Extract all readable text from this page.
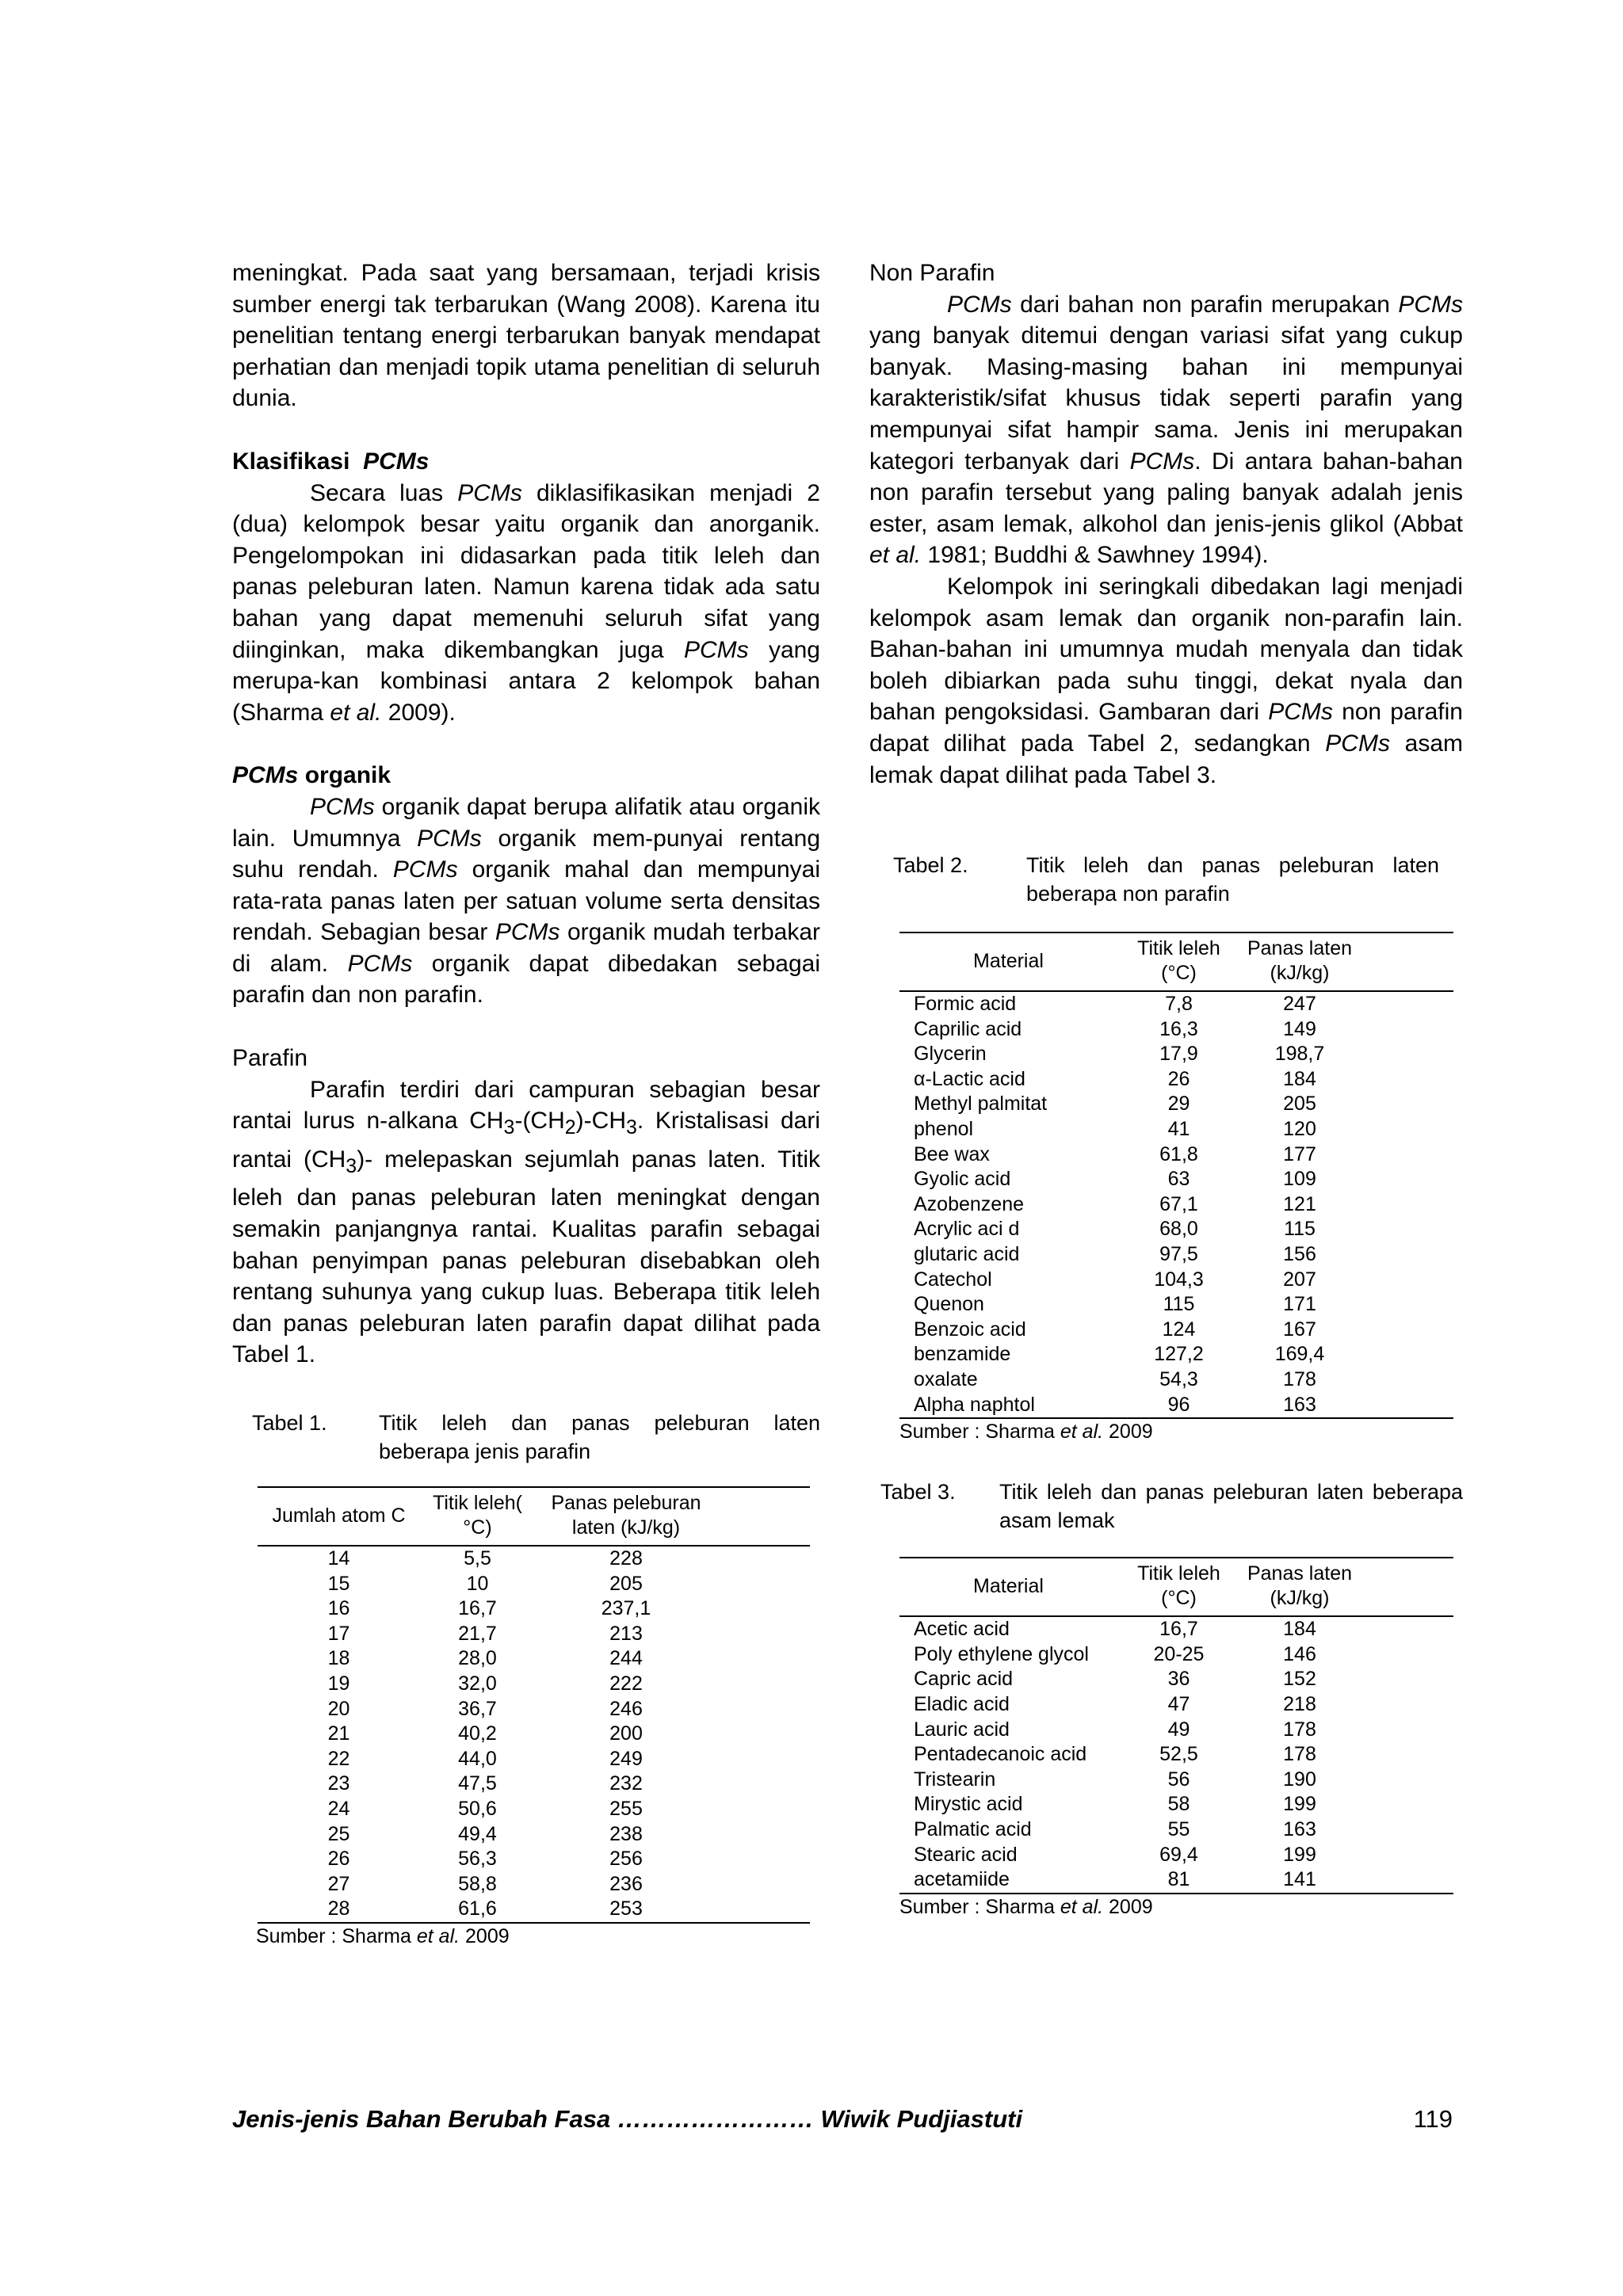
meningkat. Pada saat yang bersamaan, terjadi krisis sumber energi tak terbarukan (Wang 2008). Karena itu penelitian tentang energi terbarukan banyak mendapat perhatian dan menjadi topik utama penelitian di seluruh dunia.

Klasifikasi PCMs

Secara luas PCMs diklasifikasikan menjadi 2 (dua) kelompok besar yaitu organik dan anorganik. Pengelompokan ini didasarkan pada titik leleh dan panas peleburan laten. Namun karena tidak ada satu bahan yang dapat memenuhi seluruh sifat yang diinginkan, maka dikembangkan juga PCMs yang merupa-kan kombinasi antara 2 kelompok bahan (Sharma et al. 2009).

PCMs organik

PCMs organik dapat berupa alifatik atau organik lain. Umumnya PCMs organik mem-punyai rentang suhu rendah. PCMs organik mahal dan mempunyai rata-rata panas laten per satuan volume serta densitas rendah. Sebagian besar PCMs organik mudah terbakar di alam. PCMs organik dapat dibedakan sebagai parafin dan non parafin.

Parafin

Parafin terdiri dari campuran sebagian besar rantai lurus n-alkana $CH_3-(CH_2)-CH_3$. Kristalisasi dari rantai $(CH_3)-$ melepaskan sejumlah panas laten. Titik leleh dan panas peleburan laten meningkat dengan semakin panjangnya rantai. Kualitas parafin sebagai bahan penyimpan panas peleburan disebabkan oleh rentang suhunya yang cukup luas. Beberapa titik leleh dan panas peleburan laten parafin dapat dilihat pada Tabel 1.

Tabel 1.	Titik leleh dan panas peleburan laten beberapa jenis parafin
Jumlah atom C	Titik leleh( °C)	Panas peleburan laten (kJ/kg)	
14	5,5	228	
15	10	205	
16	16,7	237,1	
17	21,7	213	
18	28,0	244	
19	32,0	222	
20	36,7	246	
21	40,2	200	
22	44,0	249	
23	47,5	232	
24	50,6	255	
25	49,4	238	
26	56,3	256	
27	58,8	236	
28	61,6	253	
Sumber : Sharma et al. 2009

Non Parafin

PCMs dari bahan non parafin merupakan PCMs yang banyak ditemui dengan variasi sifat yang cukup banyak. Masing-masing bahan ini mempunyai karakteristik/sifat khusus tidak seperti parafin yang mempunyai sifat hampir sama. Jenis ini merupakan kategori terbanyak dari PCMs. Di antara bahan-bahan non parafin tersebut yang paling banyak adalah jenis ester, asam lemak, alkohol dan jenis-jenis glikol (Abbat et al. 1981; Buddhi & Sawhney 1994).

Kelompok ini seringkali dibedakan lagi menjadi kelompok asam lemak dan organik non-parafin lain. Bahan-bahan ini umumnya mudah menyala dan tidak boleh dibiarkan pada suhu tinggi, dekat nyala dan bahan pengoksidasi. Gambaran dari PCMs non parafin dapat dilihat pada Tabel 2, sedangkan PCMs asam lemak dapat dilihat pada Tabel 3.

Tabel 2.	Titik leleh dan panas peleburan laten beberapa non parafin
Material	Titik leleh (°C)	Panas laten (kJ/kg)	
Formic acid	7,8	247	
Caprilic acid	16,3	149	
Glycerin	17,9	198,7	
α-Lactic acid	26	184	
Methyl palmitat	29	205	
phenol	41	120	
Bee wax	61,8	177	
Gyolic acid	63	109	
Azobenzene	67,1	121	
Acrylic aci d	68,0	115	
glutaric acid	97,5	156	
Catechol	104,3	207	
Quenon	115	171	
Benzoic acid	124	167	
benzamide	127,2	169,4	
oxalate	54,3	178	
Alpha naphtol	96	163	
Sumber : Sharma et al. 2009
Tabel 3.	Titik leleh dan panas peleburan laten beberapa asam lemak
Material	Titik leleh (°C)	Panas laten (kJ/kg)	
Acetic acid	16,7	184	
Poly ethylene glycol	20-25	146	
Capric acid	36	152	
Eladic acid	47	218	
Lauric acid	49	178	
Pentadecanoic acid	52,5	178	
Tristearin	56	190	
Mirystic acid	58	199	
Palmatic acid	55	163	
Stearic acid	69,4	199	
acetamiide	81	141	
Sumber : Sharma et al. 2009
Jenis-jenis Bahan Berubah Fasa …………………… Wiwik Pudjiastuti	119
